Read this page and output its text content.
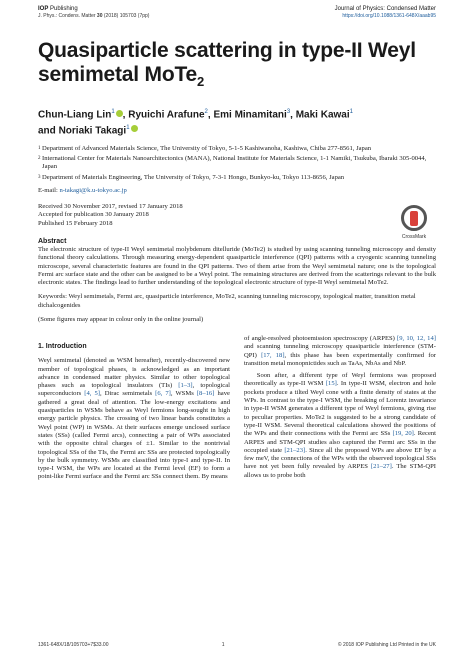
IOP Publishing	Journal of Physics: Condensed Matter
J. Phys.: Condens. Matter 30 (2018) 105703 (7pp)	https://doi.org/10.1088/1361-648X/aaab95
Quasiparticle scattering in type-II Weyl
semimetal MoTe$_2$
Chun-Liang Lin$^1$ , Ryuichi Arafune$^2$, Emi Minamitani$^3$, Maki Kawai$^1$
and Noriaki Takagi$^1$
1 Department of Advanced Materials Science, The University of Tokyo, 5-1-5 Kashiwanoha, Kashiwa, Chiba 277-8561, Japan
2 International Center for Materials Nanoarchitectonics (MANA), National Institute for Materials Science, 1-1 Namiki, Tsukuba, Ibaraki 305-0044, Japan
3 Department of Materials Engineering, The University of Tokyo, 7-3-1 Hongo, Bunkyo-ku, Tokyo 113-8656, Japan
E-mail: n-takagi@k.u-tokyo.ac.jp
Received 30 November 2017, revised 17 January 2018
Accepted for publication 30 January 2018
Published 15 February 2018
CrossMark
Abstract
The electronic structure of type-II Weyl semimetal molybdenum ditelluride (MoTe2) is studied by using scanning tunneling microscopy and density functional theory calculations. Through measuring energy-dependent quasiparticle interference (QPI) patterns with a cryogenic scanning tunneling microscope, several characteristic features are found in the QPI patterns. Two of them arise from the Weyl semimetal nature; one is the topological Fermi arc surface state and the other can be assigned to be a Weyl point. The remaining structures are derived from the scatterings relevant to the bulk electronic states. The findings lead to further understanding of the topological electronic structure of type-II Weyl semimetal MoTe2.
Keywords: Weyl semimetals, Fermi arc, quasiparticle interference, MoTe2, scanning tunneling microscopy, topological matter, transition metal dichalcogenides
(Some figures may appear in colour only in the online journal)
1. Introduction

Weyl semimetal (denoted as WSM hereafter), recently-discovered new member of topological phases, is acknowledged as an important advance in condensed matter physics. Similar to other topological phases such as topological insulators (TIs) [1–3], topological superconductors [4, 5], Dirac semimetals [6, 7], WSMs [8–16] have gathered a great deal of attention. The low-energy excitations and quasiparticles in WSMs behave as Weyl fermions long-sought in high energy particle physics. The crossing of two linear bands constitutes a Weyl point (WP) in WSMs. At their surfaces emerge unclosed surface states (SSs) (called Fermi arcs), connecting a pair of WPs associated with the opposite chiral charges of ±1. Similar to the nontrivial topological SSs of the TIs, the Fermi arc SSs are protected topologically by the bulk symmetry. WSMs are classified into type-I and type-II. In type-I WSM, the WPs are located at the Fermi level (EF) to form a point-like Fermi surface and the Fermi arc SSs connect them. By means

of angle-resolved photoemission spectroscopy (ARPES) [9, 10, 12, 14] and scanning tunneling microscopy quasiparticle interference (STM-QPI) [17, 18], this phase has been experimentally confirmed for transition metal monopnictides such as TaAs, NbAs and NbP.

Soon after, a different type of Weyl fermions was proposed theoretically as type-II WSM [15]. In type-II WSM, electron and hole pockets produce a tilted Weyl cone with a finite density of states at the WPs. In contrast to the type-I WSM, the breaking of Lorentz invariance in type-II WSM generates a different type of Weyl fermions, giving rise to peculiar properties. MoTe2 is suggested to be a strong candidate of type-II WSM. Several theoretical calculations showed the positions of the WPs and their connections with the Fermi arc SSs [19, 20]. Recent ARPES and STM-QPI studies also captured the Fermi arc SSs in the occupied state [21–23]. Since all the proposed WPs are above EF by a few meV, the connections of the WPs with the observed topological SSs have not yet been fully revealed by ARPES [21–27]. The STM-QPI allows us to probe both

1361-648X/18/105703+7$33.00	1	© 2018 IOP Publishing Ltd Printed in the UK
